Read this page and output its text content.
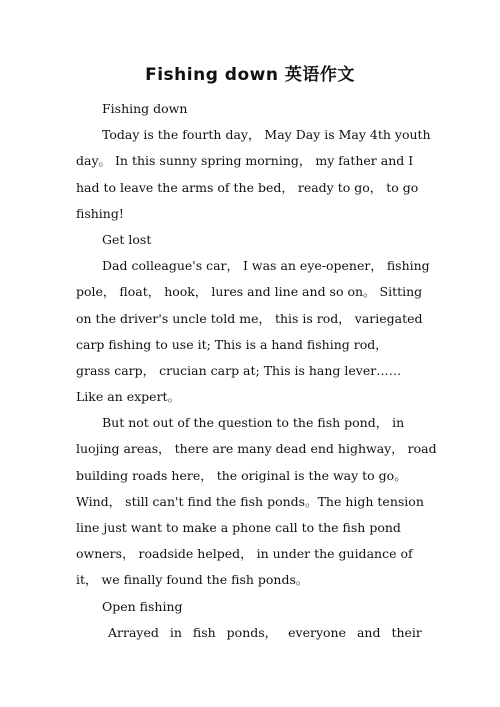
Fishing down 英语作文
Fishing down
Today is the fourth day， May Day is May 4th youth
day。 In this sunny spring morning， my father and I
had to leave the arms of the bed， ready to go， to go
fishing!
Get lost
Dad colleague's car， I was an eye-opener， fishing
pole， float， hook， lures and line and so on。 Sitting
on the driver's uncle told me， this is rod， variegated
carp fishing to use it; This is a hand fishing rod，
grass carp， crucian carp at; This is hang lever……
Like an expert。
But not out of the question to the fish pond， in
luojing areas， there are many dead end highway， road
building roads here， the original is the way to go。
Wind， still can't find the fish ponds。The high tension
line just want to make a phone call to the fish pond
owners， roadside helped， in under the guidance of
it， we finally found the fish ponds。
Open fishing
Arrayed in fish ponds， everyone and their
